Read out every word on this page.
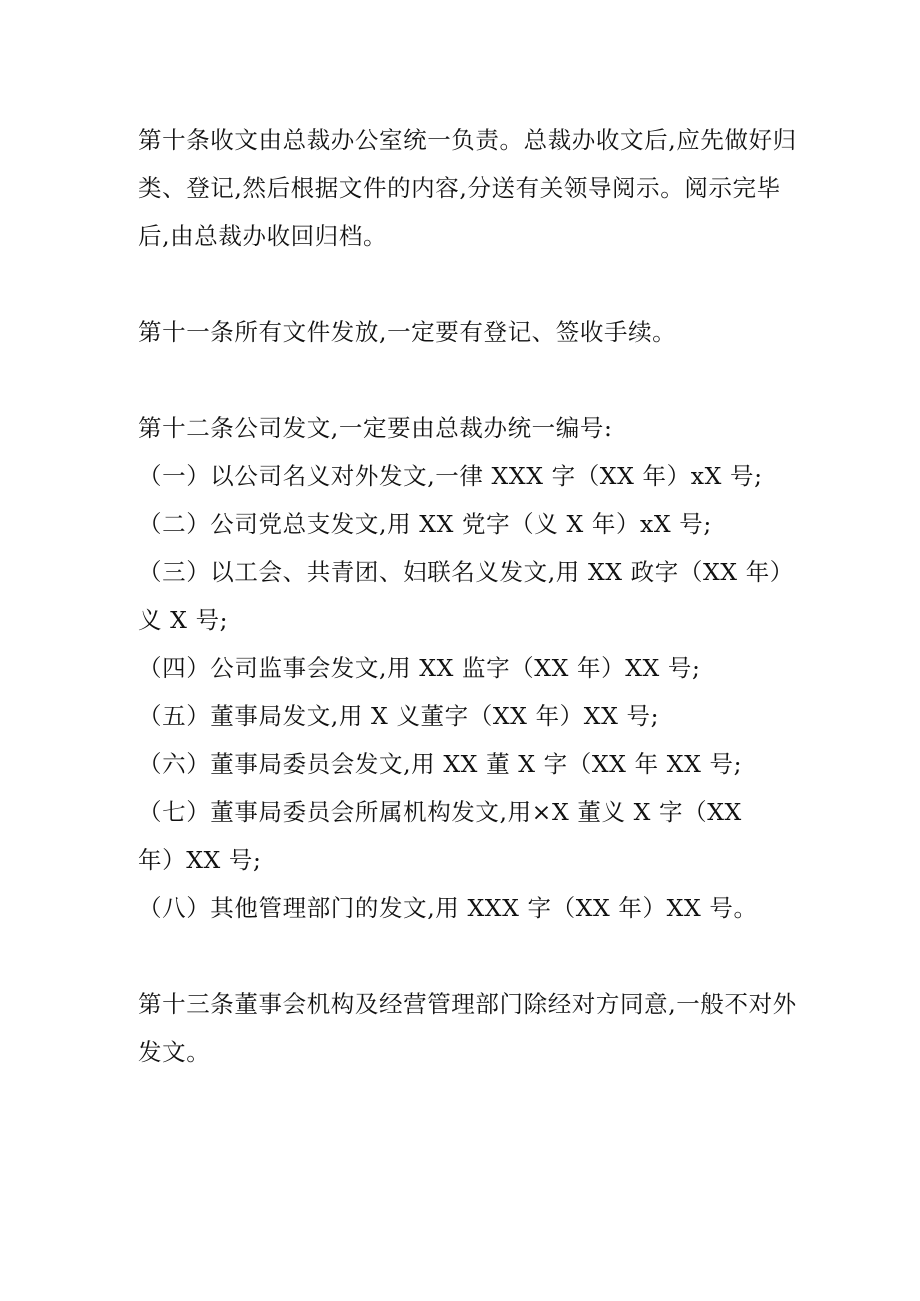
第十条收文由总裁办公室统一负责。总裁办收文后,应先做好归
类、登记,然后根据文件的内容,分送有关领导阅示。阅示完毕
后,由总裁办收回归档。
第十一条所有文件发放,一定要有登记、签收手续。
第十二条公司发文,一定要由总裁办统一编号:
（一）以公司名义对外发文,一律 XXX 字（XX 年）xX 号;
（二）公司党总支发文,用 XX 党字（义 X 年）xX 号;
（三）以工会、共青团、妇联名义发文,用 XX 政字（XX 年）
义 X 号;
（四）公司监事会发文,用 XX 监字（XX 年）XX 号;
（五）董事局发文,用 X 义董字（XX 年）XX 号;
（六）董事局委员会发文,用 XX 董 X 字（XX 年 XX 号;
（七）董事局委员会所属机构发文,用×X 董义 X 字（XX
年）XX 号;
（八）其他管理部门的发文,用 XXX 字（XX 年）XX 号。
第十三条董事会机构及经营管理部门除经对方同意,一般不对外
发文。
